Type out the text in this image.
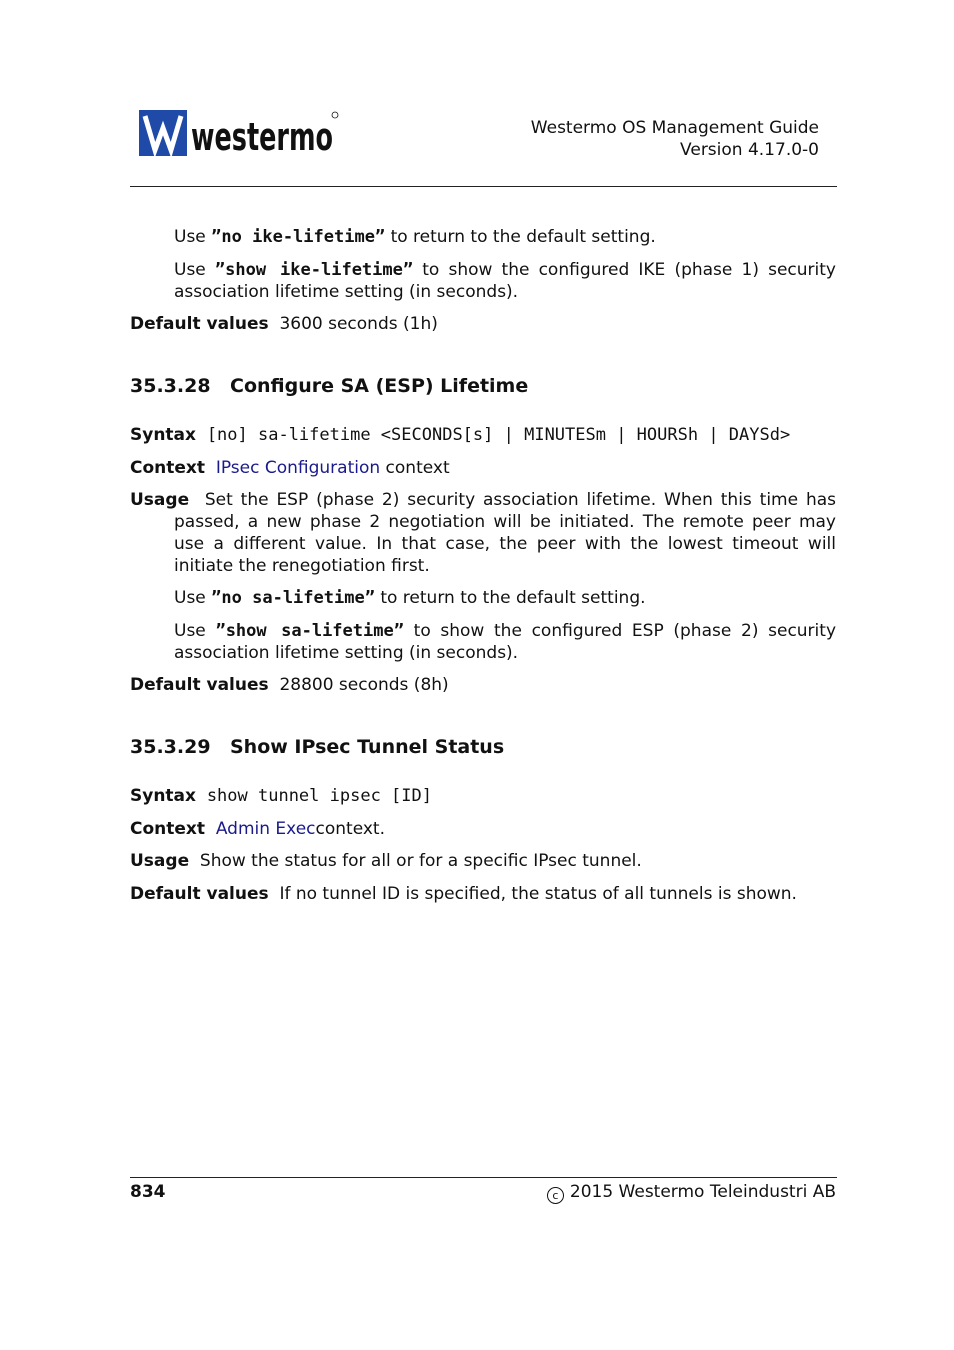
westermo	Westermo OS Management Guide
Version 4.17.0-0

Use ”no ike-lifetime” to return to the default setting.

Use ”show ike-lifetime” to show the configured IKE (phase 1) security association lifetime setting (in seconds).

Default values 3600 seconds (1h)

35.3.28 Configure SA (ESP) Lifetime

Syntax [no] sa-lifetime <SECONDS[s] | MINUTESm | HOURSh | DAYSd>

Context IPsec Configuration context

Usage Set the ESP (phase 2) security association lifetime. When this time has passed, a new phase 2 negotiation will be initiated. The remote peer may use a different value. In that case, the peer with the lowest timeout will initiate the renegotiation first.

Use ”no sa-lifetime” to return to the default setting.

Use ”show sa-lifetime” to show the configured ESP (phase 2) security association lifetime setting (in seconds).

Default values 28800 seconds (8h)

35.3.29 Show IPsec Tunnel Status

Syntax show tunnel ipsec [ID]

Context Admin Execcontext.

Usage Show the status for all or for a specific IPsec tunnel.

Default values If no tunnel ID is specified, the status of all tunnels is shown.

834	c 2015 Westermo Teleindustri AB
